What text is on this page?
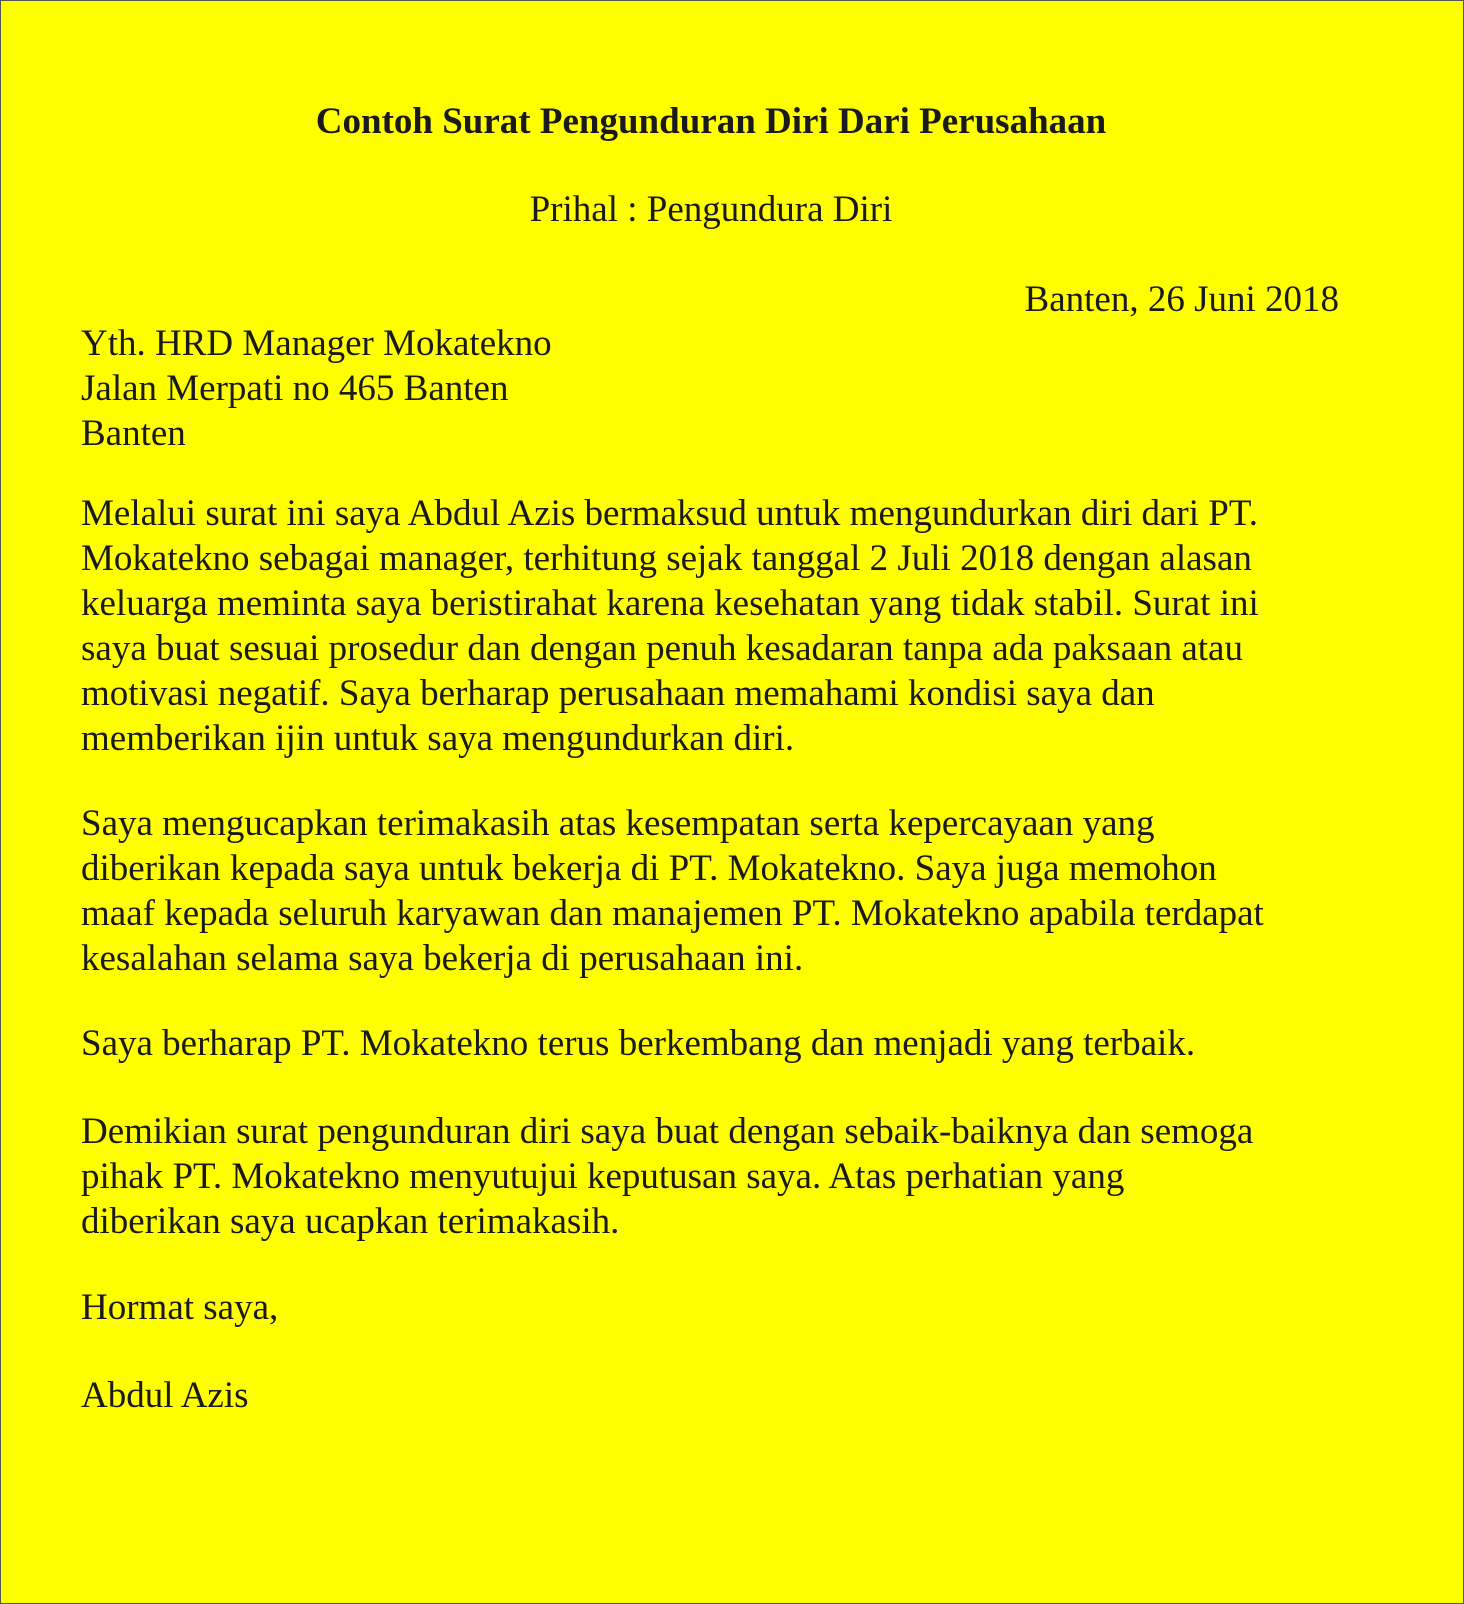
Contoh Surat Pengunduran Diri Dari Perusahaan
Prihal : Pengundura Diri
Banten, 26 Juni 2018
Yth. HRD Manager Mokatekno
Jalan Merpati no 465 Banten
Banten
Melalui surat ini saya Abdul Azis bermaksud untuk mengundurkan diri dari PT.
Mokatekno sebagai manager, terhitung sejak tanggal 2 Juli 2018 dengan alasan
keluarga meminta saya beristirahat karena kesehatan yang tidak stabil. Surat ini
saya buat sesuai prosedur dan dengan penuh kesadaran tanpa ada paksaan atau
motivasi negatif. Saya berharap perusahaan memahami kondisi saya dan
memberikan ijin untuk saya mengundurkan diri.
Saya mengucapkan terimakasih atas kesempatan serta kepercayaan yang
diberikan kepada saya untuk bekerja di PT. Mokatekno. Saya juga memohon
maaf kepada seluruh karyawan dan manajemen PT. Mokatekno apabila terdapat
kesalahan selama saya bekerja di perusahaan ini.
Saya berharap PT. Mokatekno terus berkembang dan menjadi yang terbaik.
Demikian surat pengunduran diri saya buat dengan sebaik-baiknya dan semoga
pihak PT. Mokatekno menyutujui keputusan saya. Atas perhatian yang
diberikan saya ucapkan terimakasih.
Hormat saya,
Abdul Azis
